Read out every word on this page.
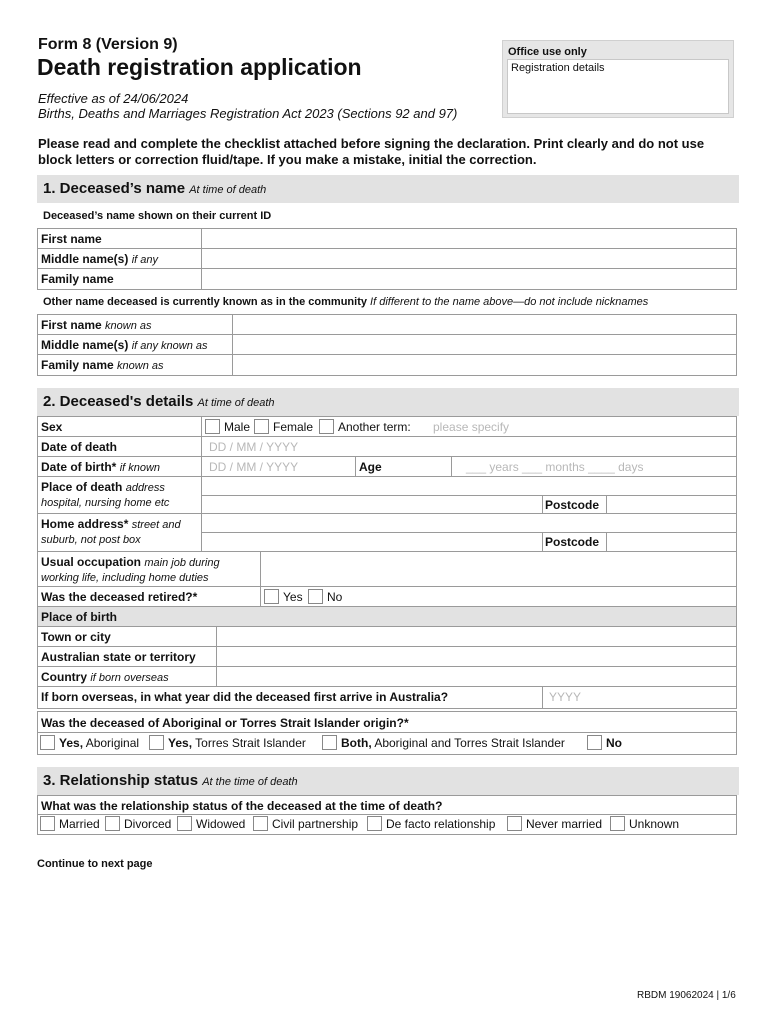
Form 8 (Version 9)
Death registration application
Effective as of 24/06/2024
Births, Deaths and Marriages Registration Act 2023 (Sections 92 and 97)
Office use only
Registration details
Please read and complete the checklist attached before signing the declaration. Print clearly and do not use block letters or correction fluid/tape. If you make a mistake, initial the correction.
1. Deceased’s name At time of death
Deceased’s name shown on their current ID
First name
Middle name(s) if any
Family name
Other name deceased is currently known as in the community If different to the name above—do not include nicknames
First name known as
Middle name(s) if any known as
Family name known as
2. Deceased's details At time of death
Sex	Male Female Another term: please specify
Date of death	DD / MM / YYYY
Date of birth* if known	DD / MM / YYYY	Age	___ years ___ months ____ days
Place of death address
hospital, nursing home etc	Postcode
Home address* street and
suburb, not post box	Postcode
Usual occupation main job during
working life, including home duties
Was the deceased retired?*	Yes No
Place of birth
Town or city
Australian state or territory
Country if born overseas
If born overseas, in what year did the deceased first arrive in Australia?	YYYY
Was the deceased of Aboriginal or Torres Strait Islander origin?*
Yes, Aboriginal Yes, Torres Strait Islander	Both, Aboriginal and Torres Strait Islander	No
3. Relationship status At the time of death
What was the relationship status of the deceased at the time of death?
Married Divorced Widowed Civil partnership De facto relationship	Never married Unknown
Continue to next page
RBDM 19062024 | 1/6
